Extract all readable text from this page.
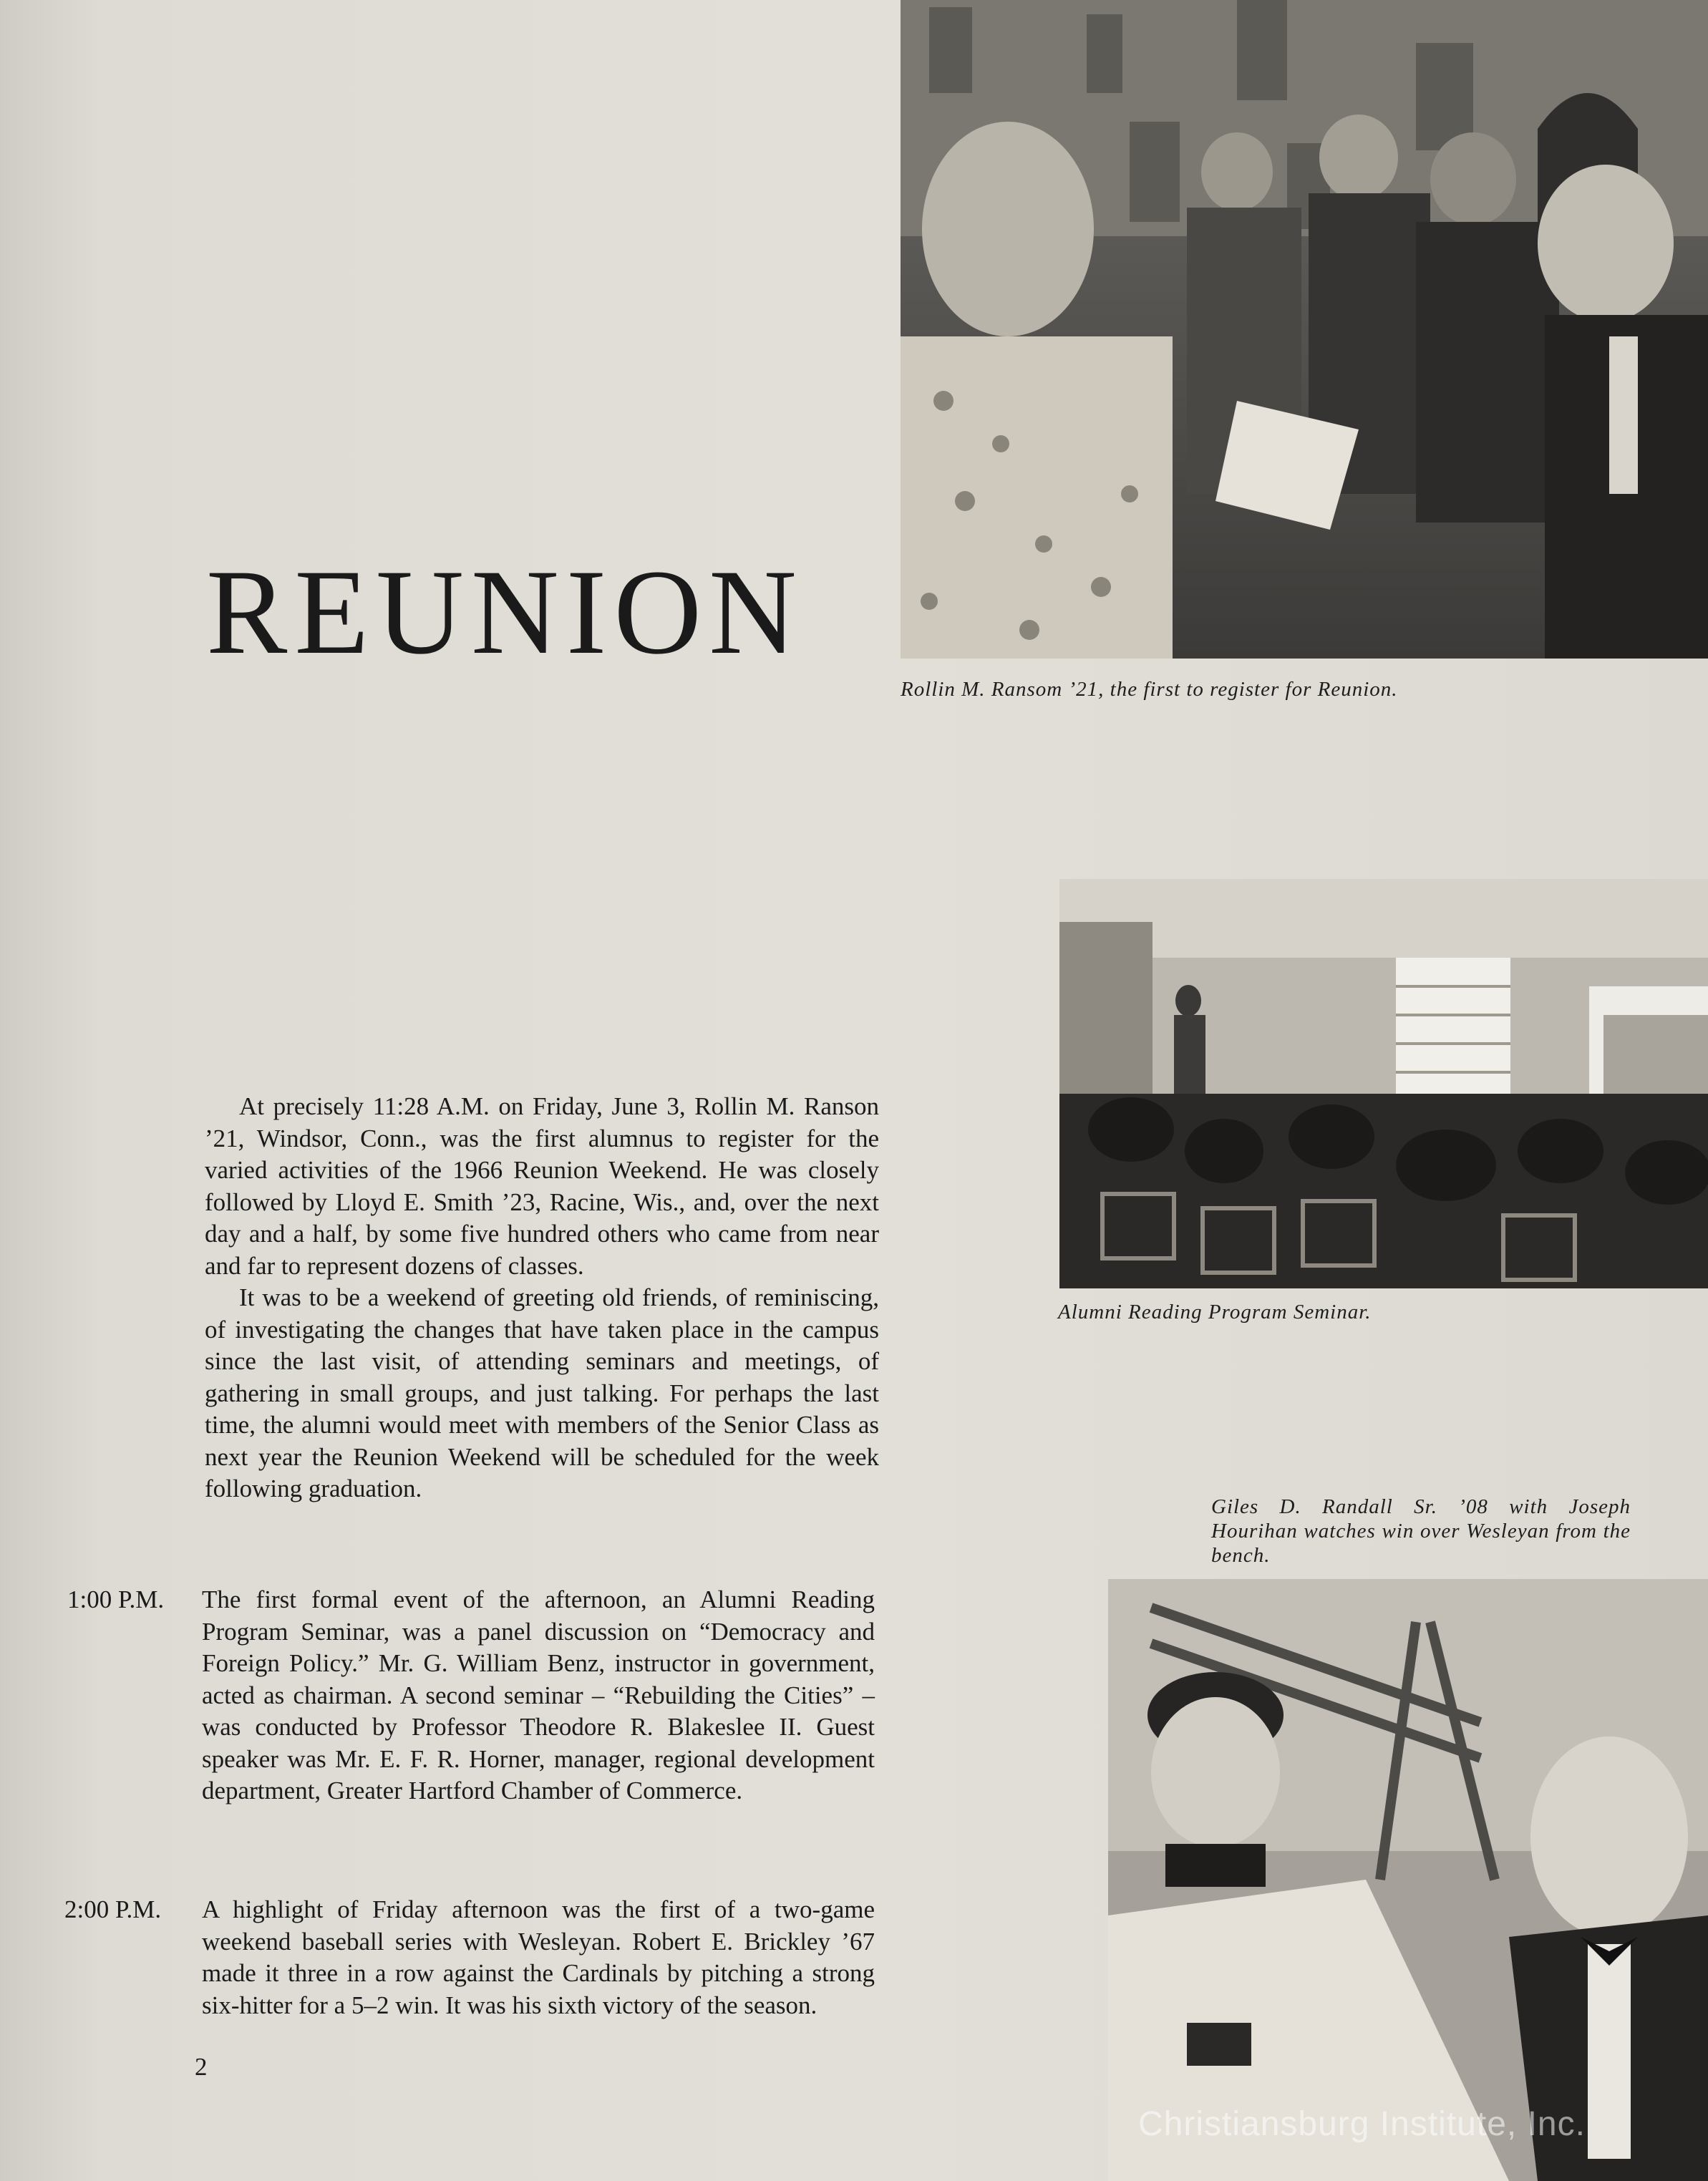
Rollin M. Ransom ’21, the first to register for Reunion.

REUNION

Alumni Reading Program Seminar.

Giles D. Randall Sr. ’08 with Joseph Hourihan watches win over Wesleyan from the bench.

At precisely 11:28 A.M. on Friday, June 3, Rollin M. Ranson ’21, Windsor, Conn., was the first alumnus to register for the varied activities of the 1966 Reunion Weekend. He was closely followed by Lloyd E. Smith ’23, Racine, Wis., and, over the next day and a half, by some five hundred others who came from near and far to represent dozens of classes.

It was to be a weekend of greeting old friends, of reminiscing, of investigating the changes that have taken place in the campus since the last visit, of attending seminars and meetings, of gathering in small groups, and just talking. For perhaps the last time, the alumni would meet with members of the Senior Class as next year the Reunion Weekend will be scheduled for the week following graduation.

1:00 P.M. The first formal event of the afternoon, an Alumni Reading Program Seminar, was a panel discussion on “Democracy and Foreign Policy.” Mr. G. William Benz, instructor in government, acted as chairman. A second seminar – “Rebuilding the Cities” – was conducted by Professor Theodore R. Blakeslee II. Guest speaker was Mr. E. F. R. Horner, manager, regional development department, Greater Hartford Chamber of Commerce.

2:00 P.M. A highlight of Friday afternoon was the first of a two-game weekend baseball series with Wesleyan. Robert E. Brickley ’67 made it three in a row against the Cardinals by pitching a strong six-hitter for a 5–2 win. It was his sixth victory of the season.

2
Christiansburg Institute, Inc.
